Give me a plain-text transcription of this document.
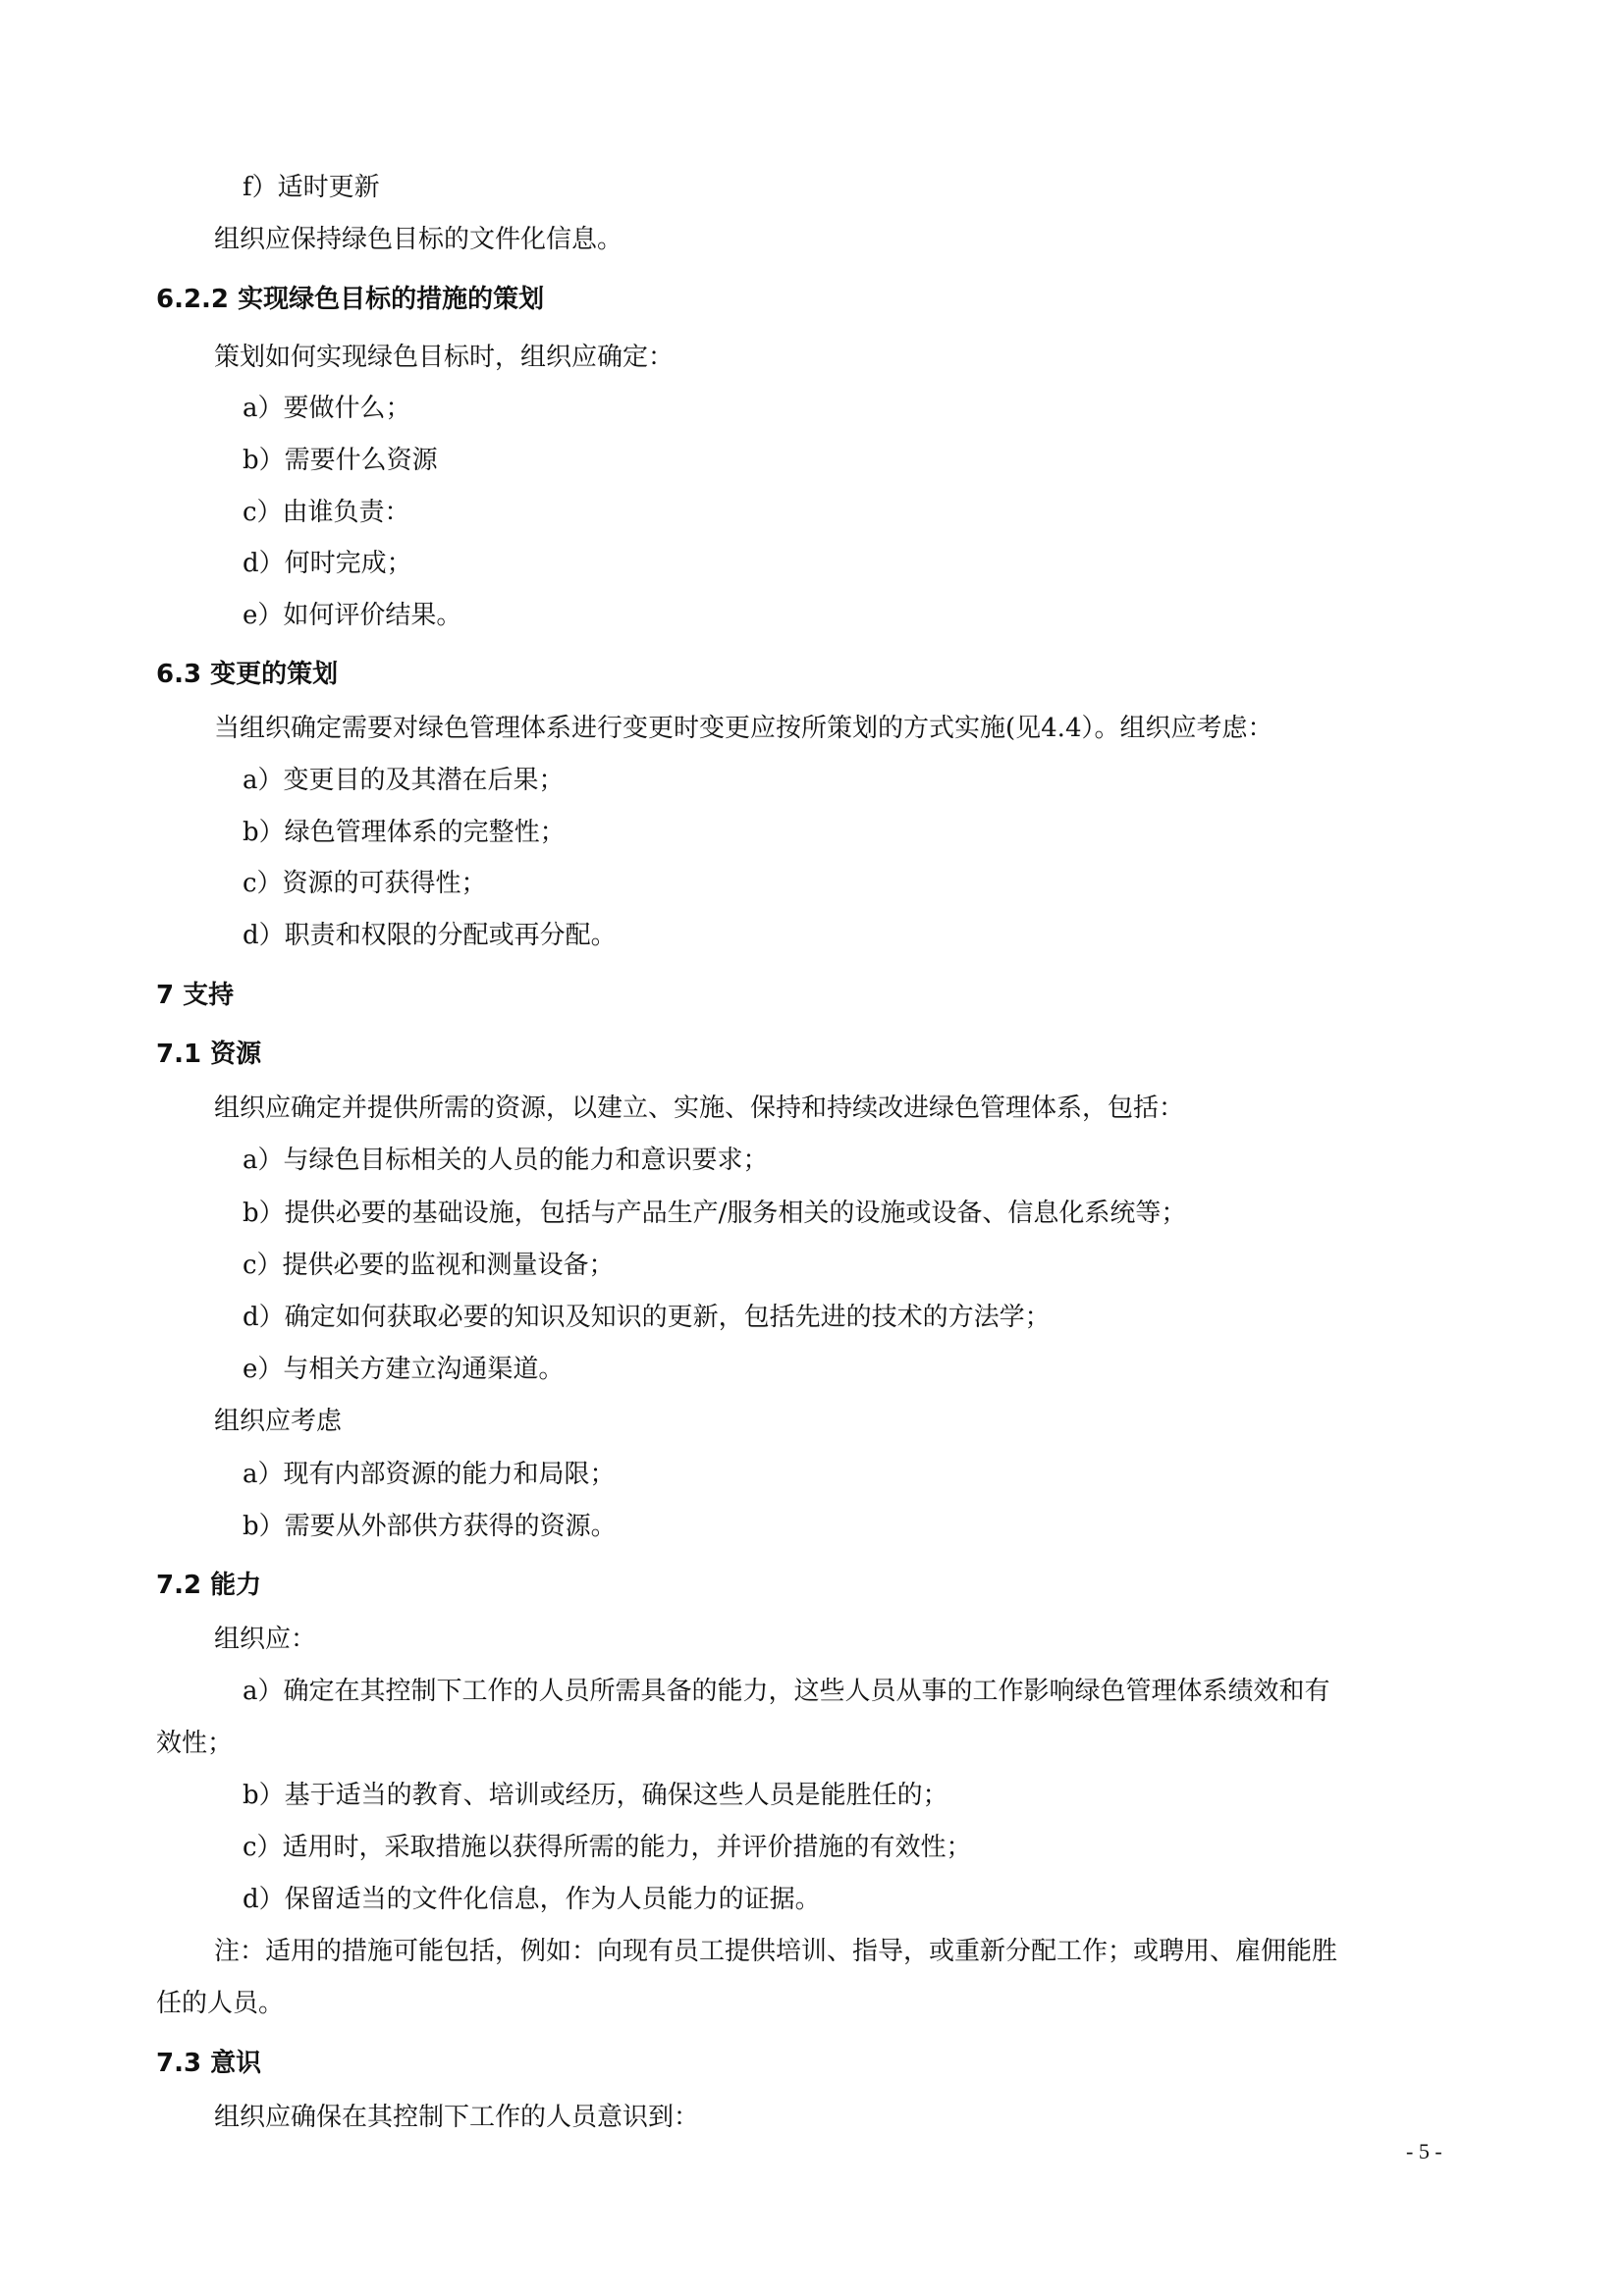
f）适时更新
组织应保持绿色目标的文件化信息。
6.2.2 实现绿色目标的措施的策划
策划如何实现绿色目标时，组织应确定：
a）要做什么；
b）需要什么资源
c）由谁负责：
d）何时完成；
e）如何评价结果。
6.3 变更的策划
当组织确定需要对绿色管理体系进行变更时变更应按所策划的方式实施(见4.4）。组织应考虑：
a）变更目的及其潜在后果；
b）绿色管理体系的完整性；
c）资源的可获得性；
d）职责和权限的分配或再分配。
7 支持
7.1 资源
组织应确定并提供所需的资源，以建立、实施、保持和持续改进绿色管理体系，包括：
a）与绿色目标相关的人员的能力和意识要求；
b）提供必要的基础设施，包括与产品生产/服务相关的设施或设备、信息化系统等；
c）提供必要的监视和测量设备；
d）确定如何获取必要的知识及知识的更新，包括先进的技术的方法学；
e）与相关方建立沟通渠道。
组织应考虑
a）现有内部资源的能力和局限；
b）需要从外部供方获得的资源。
7.2 能力
组织应：
a）确定在其控制下工作的人员所需具备的能力，这些人员从事的工作影响绿色管理体系绩效和有
效性；
b）基于适当的教育、培训或经历，确保这些人员是能胜任的；
c）适用时，采取措施以获得所需的能力，并评价措施的有效性；
d）保留适当的文件化信息，作为人员能力的证据。
注：适用的措施可能包括，例如：向现有员工提供培训、指导，或重新分配工作；或聘用、雇佣能胜
任的人员。
7.3 意识
组织应确保在其控制下工作的人员意识到：
- 5 -
